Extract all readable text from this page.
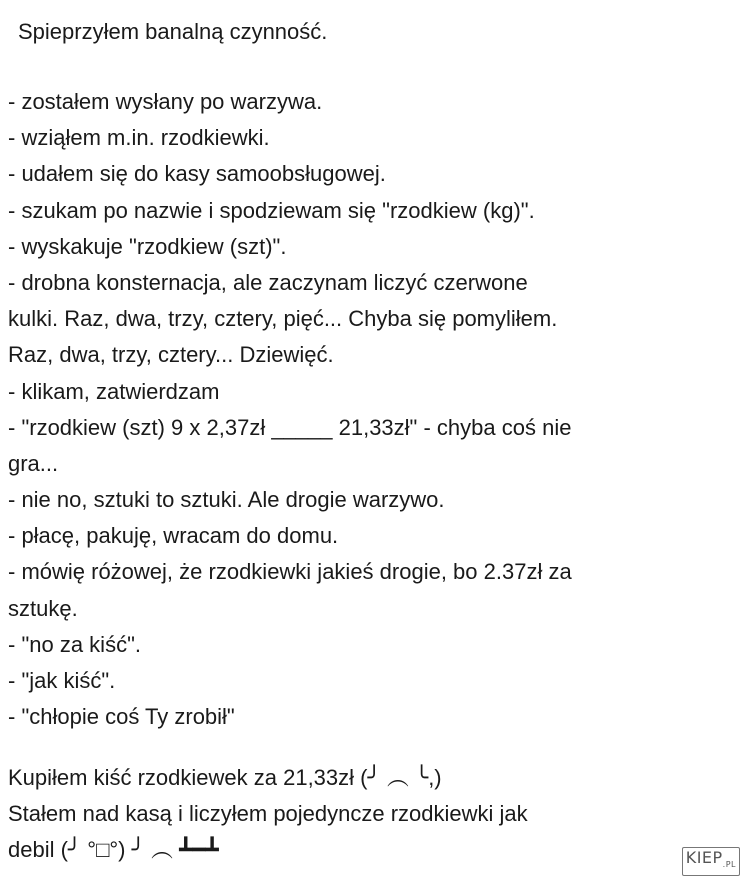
Spieprzyłem banalną czynność.
- zostałem wysłany po warzywa.
- wziąłem m.in. rzodkiewki.
- udałem się do kasy samoobsługowej.
- szukam po nazwie i spodziewam się "rzodkiew (kg)".
- wyskakuje "rzodkiew (szt)".
- drobna konsternacja, ale zaczynam liczyć czerwone
kulki. Raz, dwa, trzy, cztery, pięć... Chyba się pomyliłem.
Raz, dwa, trzy, cztery... Dziewięć.
- klikam, zatwierdzam
- "rzodkiew (szt) 9 x 2,37zł _____ 21,33zł" - chyba coś nie
gra...
- nie no, sztuki to sztuki. Ale drogie warzywo.
- płacę, pakuję, wracam do domu.
- mówię różowej, że rzodkiewki jakieś drogie, bo 2.37zł za
sztukę.
- "no za kiść".
- "jak kiść".
- "chłopie coś Ty zrobił"
Kupiłem kiść rzodkiewek za 21,33zł (╯ ︵ ╰,)
Stałem nad kasą i liczyłem pojedyncze rzodkiewki jak
debil (╯ °□°) ╯ ︵ ┻━┻	$KIEP_{.PL}$
